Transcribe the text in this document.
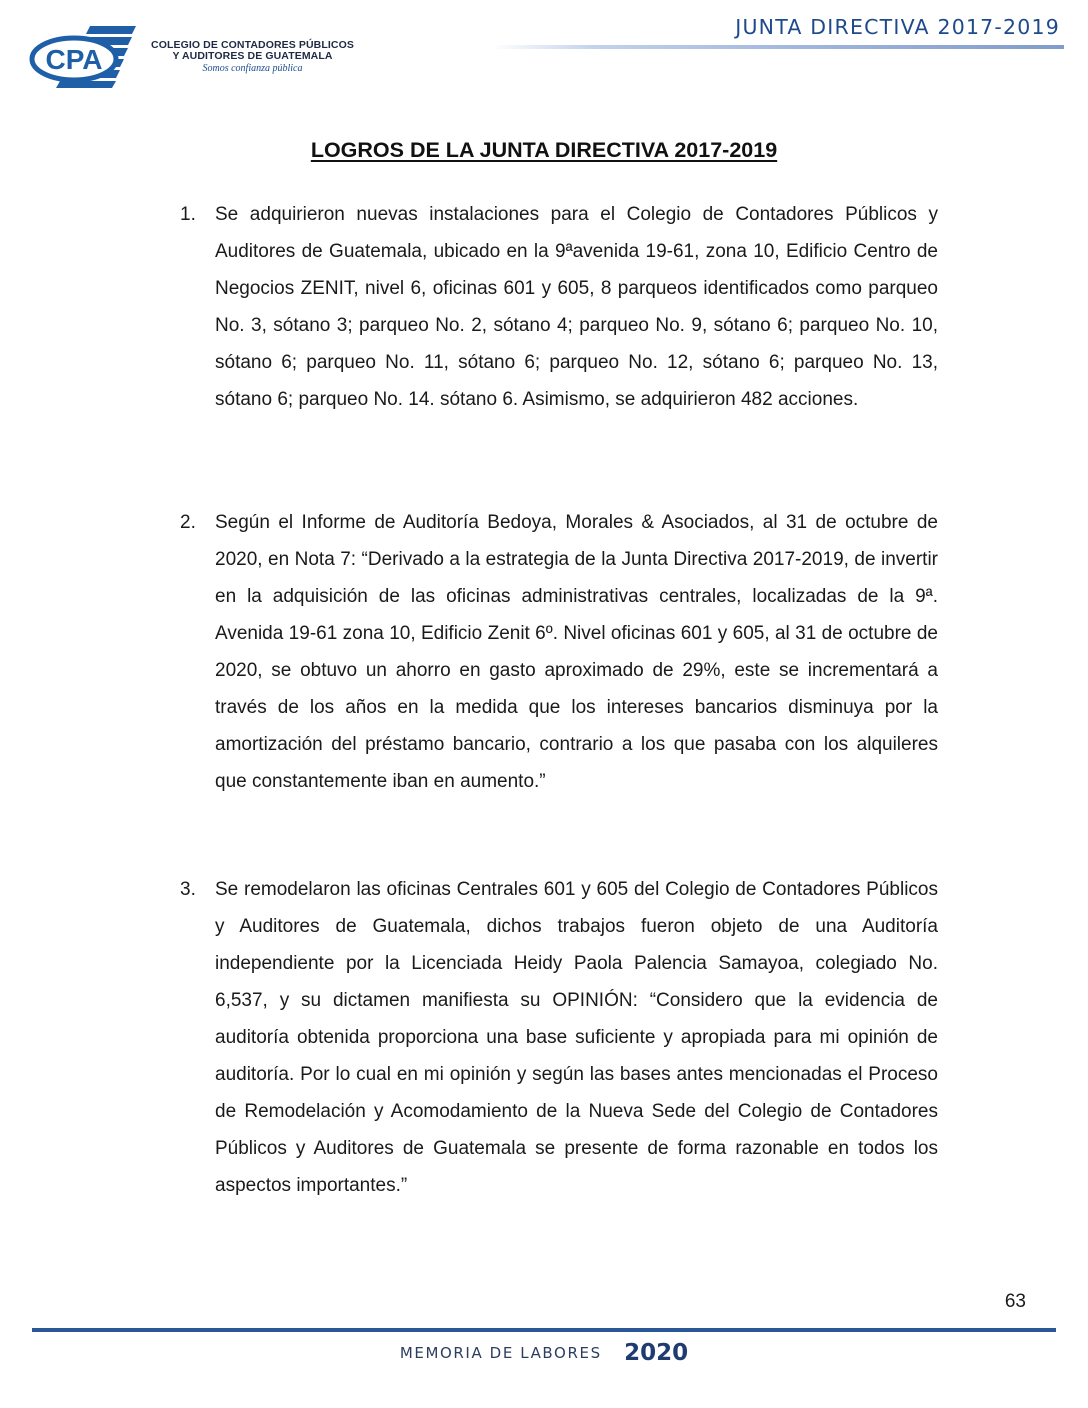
CPA	COLEGIO DE CONTADORES PÚBLICOS
Y AUDITORES DE GUATEMALA
Somos confianza pública
JUNTA DIRECTIVA 2017-2019
LOGROS DE LA JUNTA DIRECTIVA 2017-2019
1.	Se adquirieron nuevas instalaciones para el Colegio de Contadores Públicos y Auditores de Guatemala, ubicado en la 9ªavenida 19-61, zona 10, Edificio Centro de Negocios ZENIT, nivel 6, oficinas 601 y 605, 8 parqueos identificados como parqueo No. 3, sótano 3; parqueo No. 2, sótano 4; parqueo No. 9, sótano 6; parqueo No. 10, sótano 6; parqueo No. 11, sótano 6; parqueo No. 12, sótano 6; parqueo No. 13, sótano 6; parqueo No. 14. sótano 6. Asimismo, se adquirieron 482 acciones.

2.	Según el Informe de Auditoría Bedoya, Morales & Asociados, al 31 de octubre de 2020, en Nota 7: “Derivado a la estrategia de la Junta Directiva 2017-2019, de invertir en la adquisición de las oficinas administrativas centrales, localizadas de la 9ª. Avenida 19-61 zona 10, Edificio Zenit 6º. Nivel oficinas 601 y 605, al 31 de octubre de 2020, se obtuvo un ahorro en gasto aproximado de 29%, este se incrementará a través de los años en la medida que los intereses bancarios disminuya por la amortización del préstamo bancario, contrario a los que pasaba con los alquileres que constantemente iban en aumento.”

3.	Se remodelaron las oficinas Centrales 601 y 605 del Colegio de Contadores Públicos y Auditores de Guatemala, dichos trabajos fueron objeto de una Auditoría independiente por la Licenciada Heidy Paola Palencia Samayoa, colegiado No. 6,537, y su dictamen manifiesta su OPINIÓN: “Considero que la evidencia de auditoría obtenida proporciona una base suficiente y apropiada para mi opinión de auditoría. Por lo cual en mi opinión y según las bases antes mencionadas el Proceso de Remodelación y Acomodamiento de la Nueva Sede del Colegio de Contadores Públicos y Auditores de Guatemala se presente de forma razonable en todos los aspectos importantes.”

63
MEMORIA DE LABORES 2020
